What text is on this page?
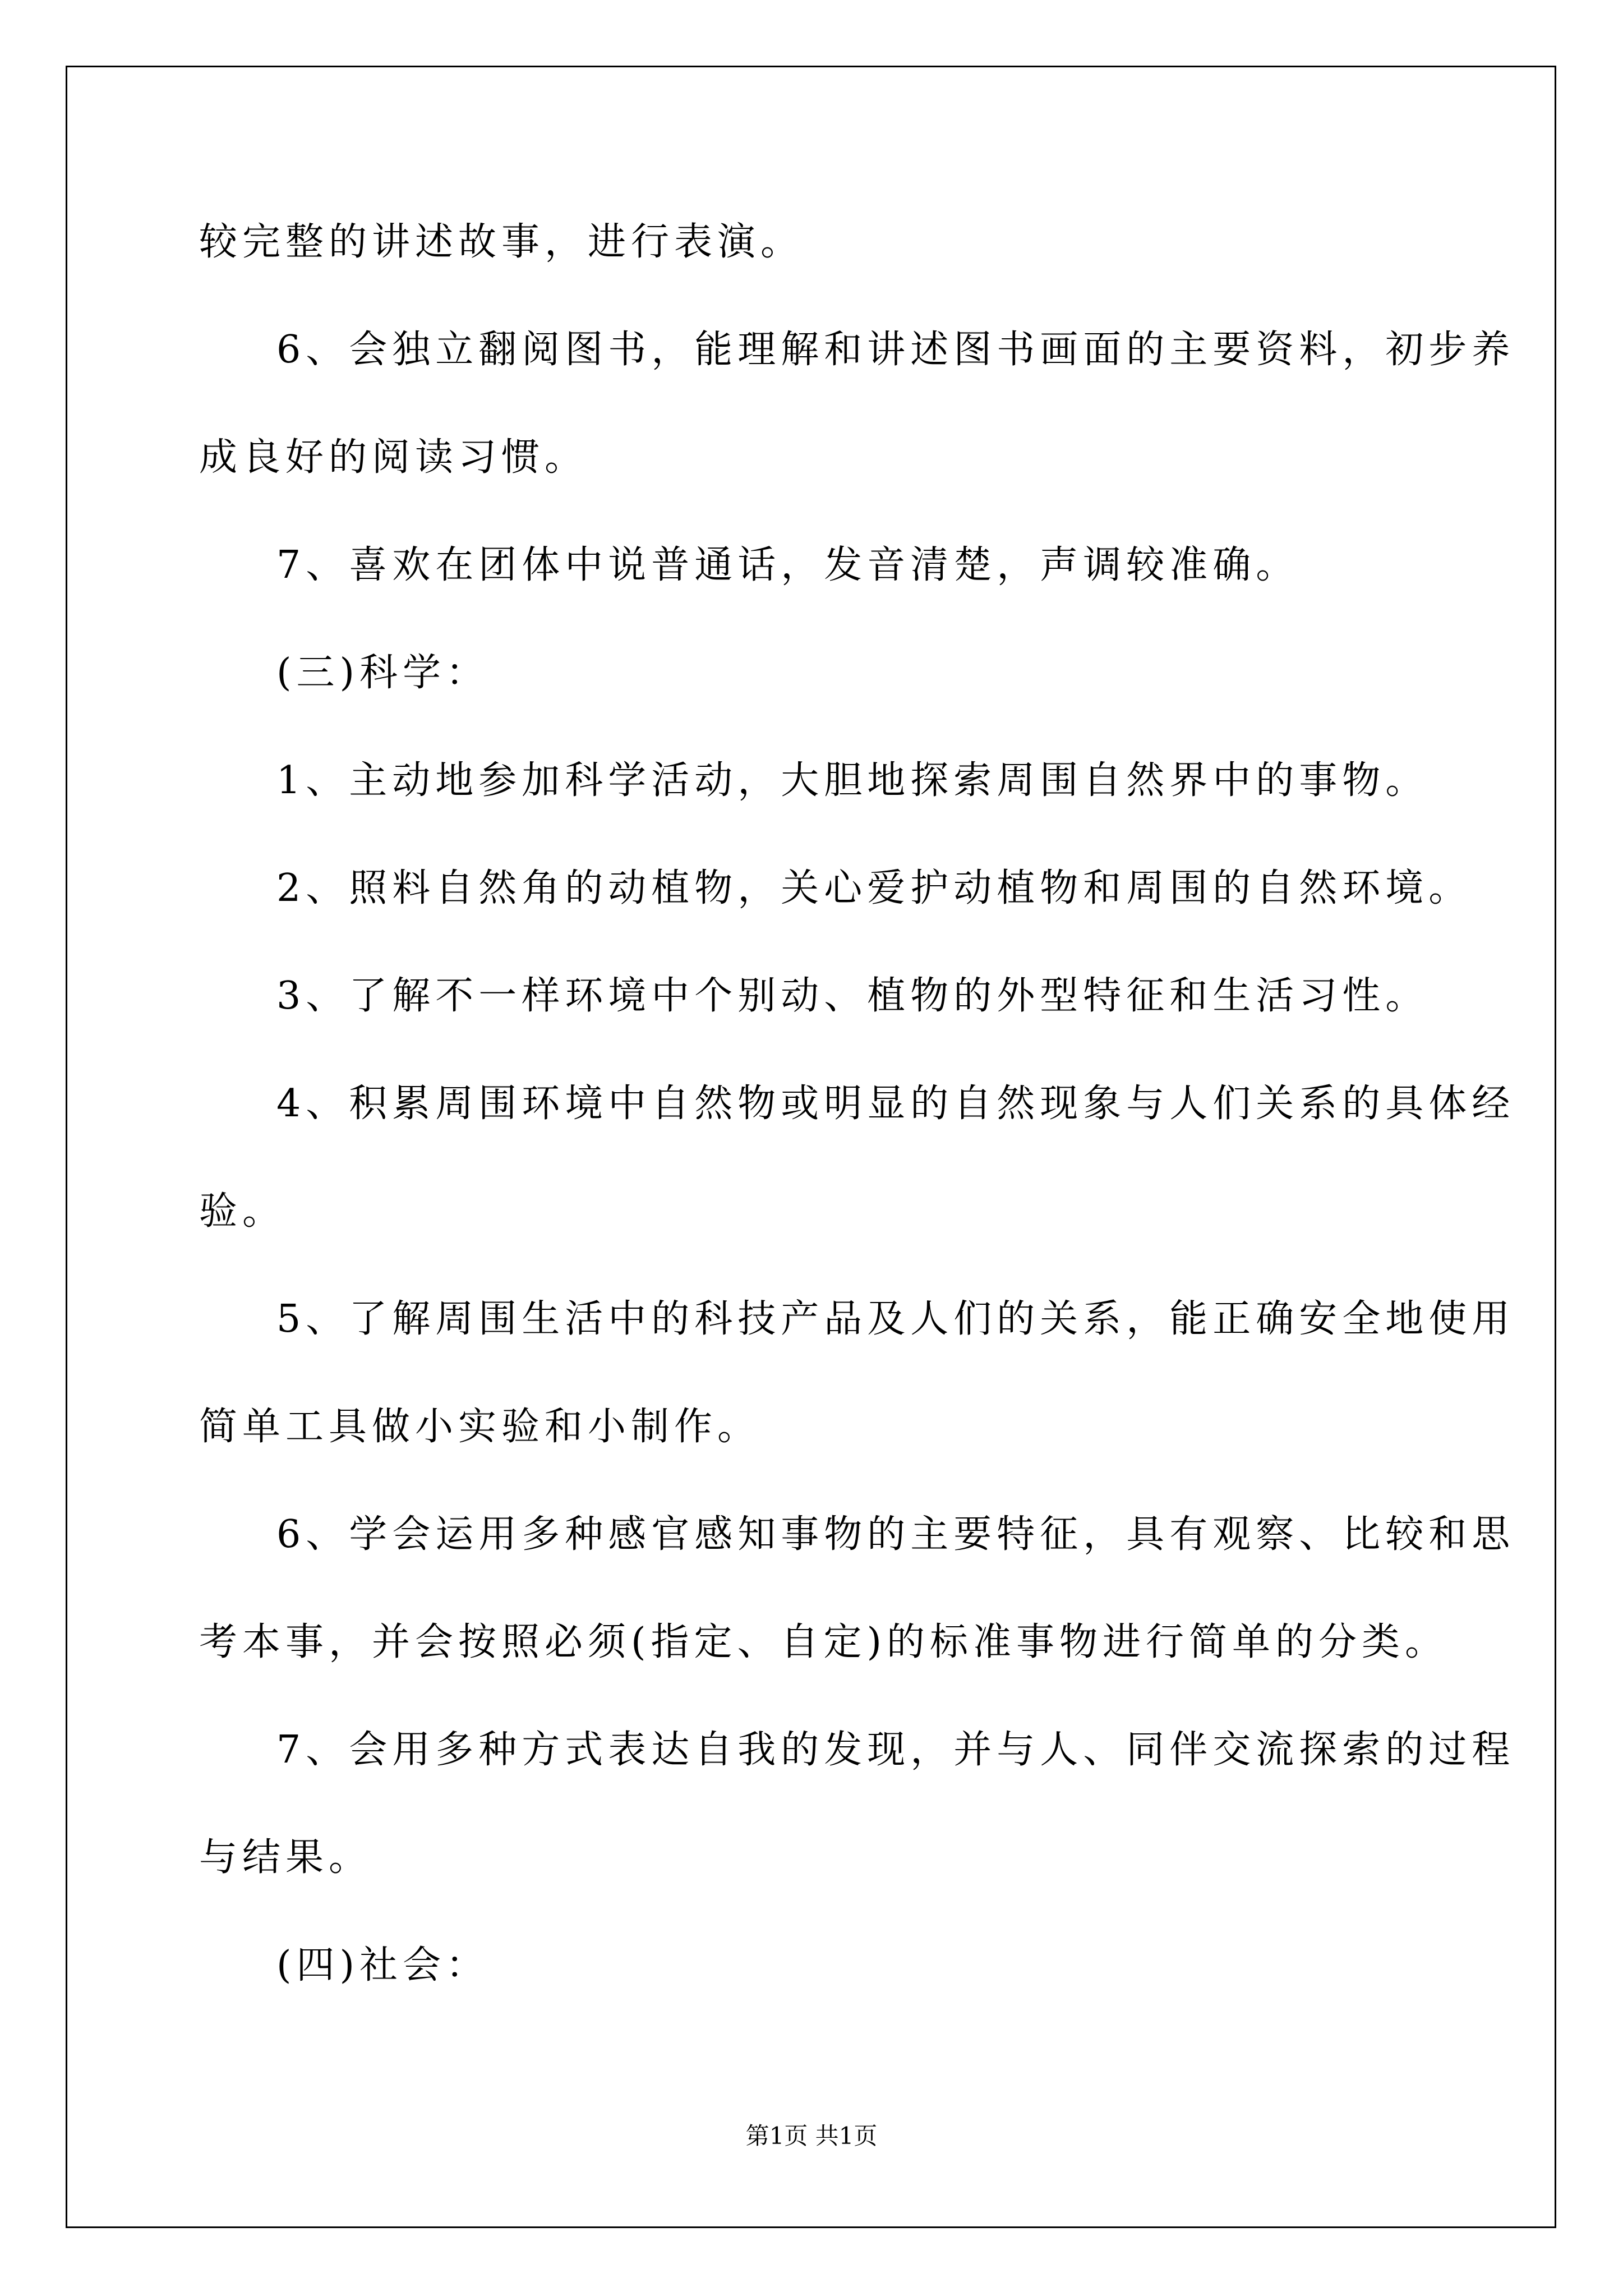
较完整的讲述故事，进行表演。
6、会独立翻阅图书，能理解和讲述图书画面的主要资料，初步养
成良好的阅读习惯。
7、喜欢在团体中说普通话，发音清楚，声调较准确。
(三)科学：
1、主动地参加科学活动，大胆地探索周围自然界中的事物。
2、照料自然角的动植物，关心爱护动植物和周围的自然环境。
3、了解不一样环境中个别动、植物的外型特征和生活习性。
4、积累周围环境中自然物或明显的自然现象与人们关系的具体经
验。
5、了解周围生活中的科技产品及人们的关系，能正确安全地使用
简单工具做小实验和小制作。
6、学会运用多种感官感知事物的主要特征，具有观察、比较和思
考本事，并会按照必须(指定、自定)的标准事物进行简单的分类。
7、会用多种方式表达自我的发现，并与人、同伴交流探索的过程
与结果。
(四)社会：
第1页 共1页
